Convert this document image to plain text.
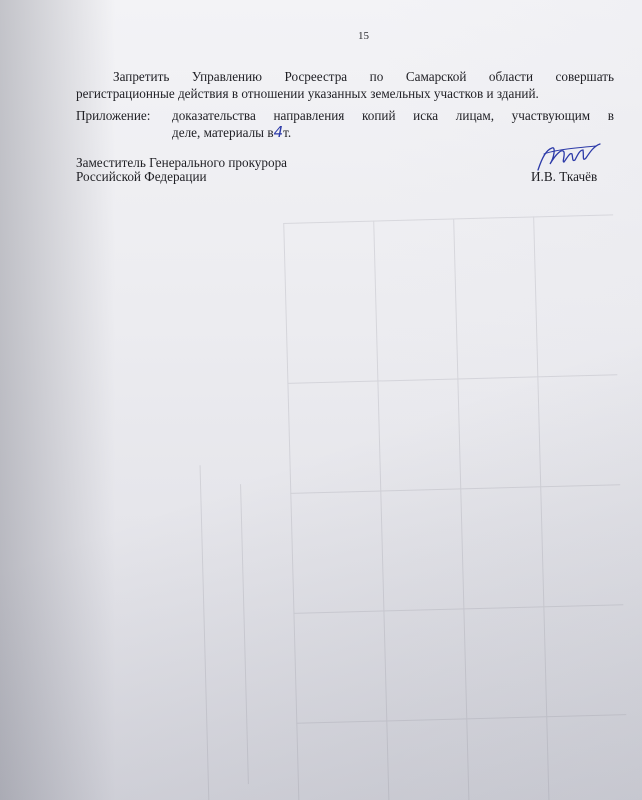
15
Запретить Управлению Росреестра по Самарской области совершать
регистрационные действия в отношении указанных земельных участков и зданий.
Приложение: доказательства направления копий иска лицам, участвующим в
деле, материалы в4т.
Заместитель Генерального прокурора
Российской Федерации	И.В. Ткачёв
